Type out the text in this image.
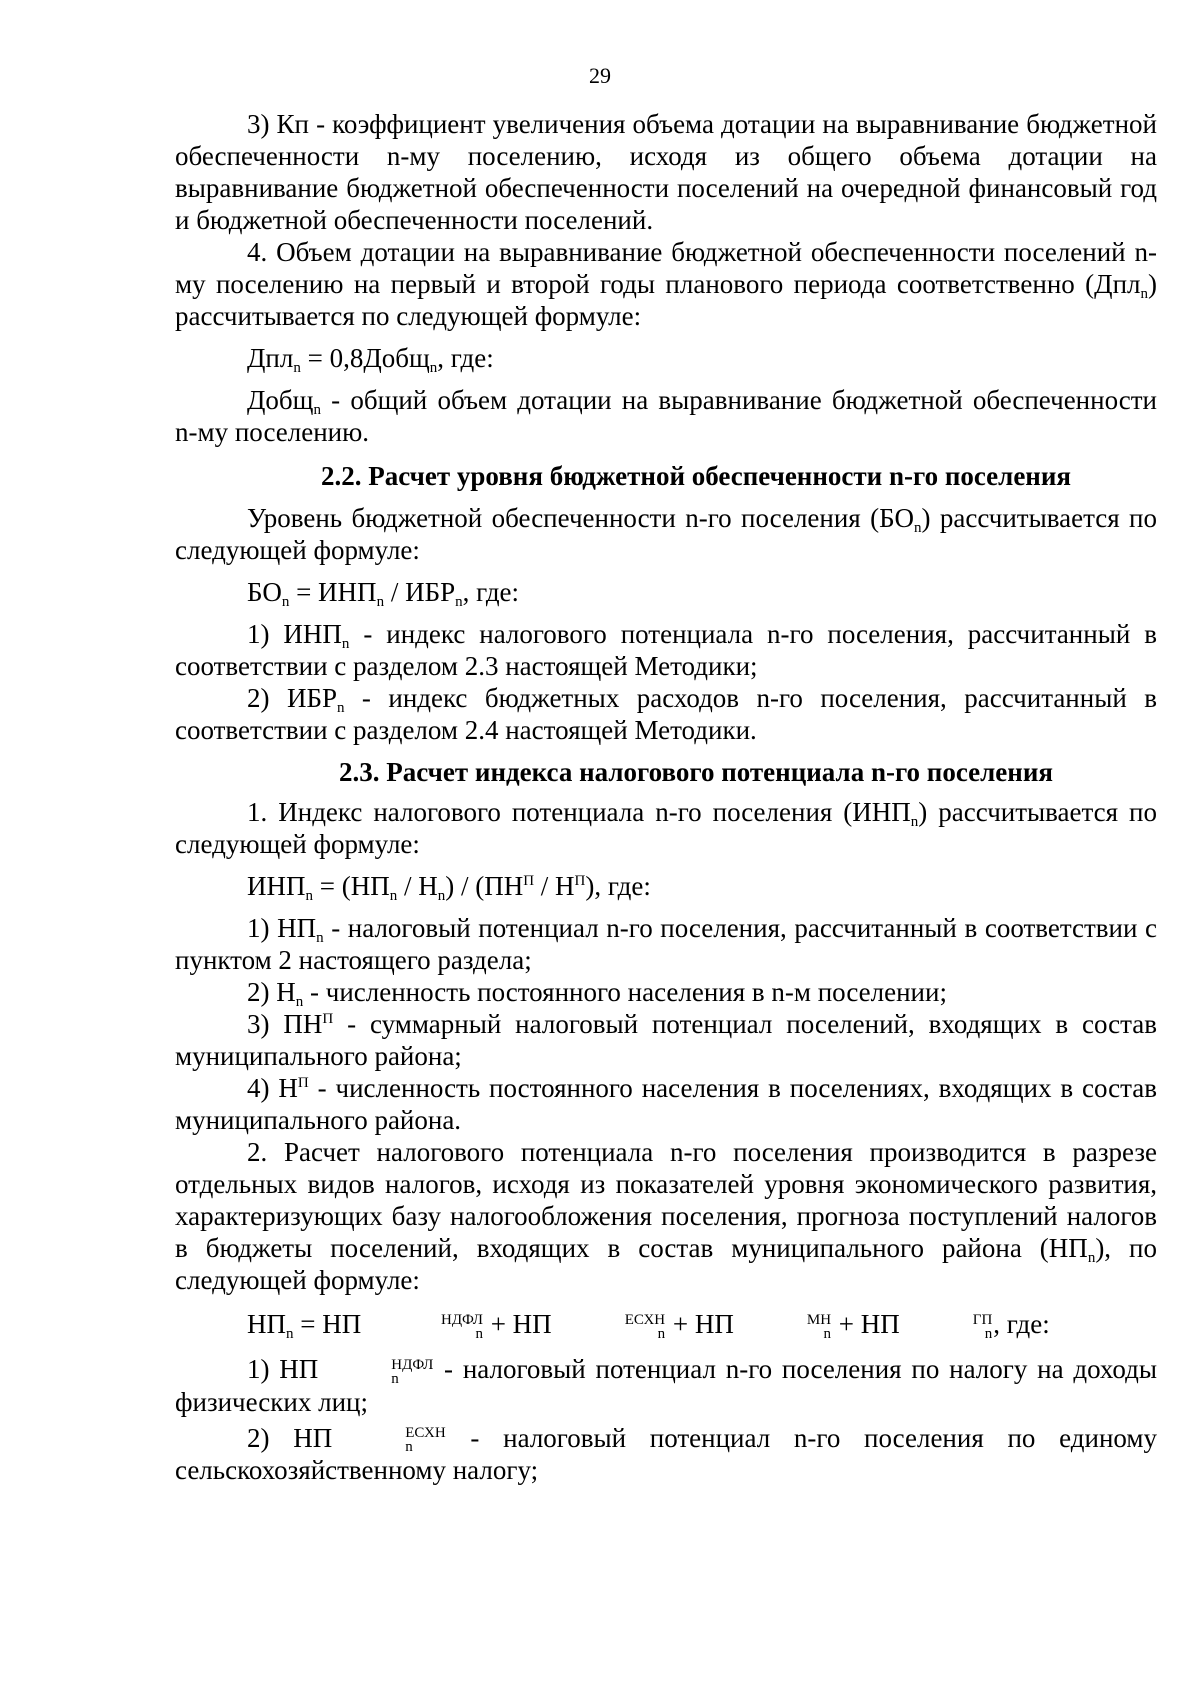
29

3) Кп - коэффициент увеличения объема дотации на выравнивание бюджетной обеспеченности n-му поселению, исходя из общего объема дотации на выравнивание бюджетной обеспеченности поселений на очередной финансовый год и бюджетной обеспеченности поселений.

4. Объем дотации на выравнивание бюджетной обеспеченности поселений n-му поселению на первый и второй годы планового периода соответственно (Дпл$_n$) рассчитывается по следующей формуле:

Дпл$_n$ = 0,8Добщ$_n$, где:

Добщ$_n$ - общий объем дотации на выравнивание бюджетной обеспеченности n-му поселению.

2.2. Расчет уровня бюджетной обеспеченности n-го поселения

Уровень бюджетной обеспеченности n-го поселения $(БО_n)$ рассчитывается по следующей формуле:

$БО_n = ИНП_n / ИБР_n$, где:

1) $ИНП_n$ - индекс налогового потенциала n-го поселения, рассчитанный в соответствии с разделом 2.3 настоящей Методики;

2) $ИБР_n$ - индекс бюджетных расходов n-го поселения, рассчитанный в соответствии с разделом 2.4 настоящей Методики.

2.3. Расчет индекса налогового потенциала n-го поселения

1. Индекс налогового потенциала n-го поселения $(ИНП_n)$ рассчитывается по следующей формуле:

$ИНП_n = (НП_n / Н_n) / (ПН^П / Н^П)$, где:

1) $НП_n$ - налоговый потенциал n-го поселения, рассчитанный в соответствии с пунктом 2 настоящего раздела;

2) $Н_n$ - численность постоянного населения в n-м поселении;

3) $ПН^П$ - суммарный налоговый потенциал поселений, входящих в состав муниципального района;

4) $Н^П$ - численность постоянного населения в поселениях, входящих в состав муниципального района.

2. Расчет налогового потенциала n-го поселения производится в разрезе отдельных видов налогов, исходя из показателей уровня экономического развития, характеризующих базу налогообложения поселения, прогноза поступлений налогов в бюджеты поселений, входящих в состав муниципального района $(НП_n)$, по следующей формуле:

$НП_n$ = НП	НДФЛ
n + НП	ЕСХН
n + НП	МН
n + НП	ГП
n , где:

1) НП	НДФЛ
n	- налоговый потенциал n-го поселения по налогу на доходы физических лиц;

2) НП	ЕСХН
n	- налоговый потенциал n-го поселения по единому сельскохозяйственному налогу;
